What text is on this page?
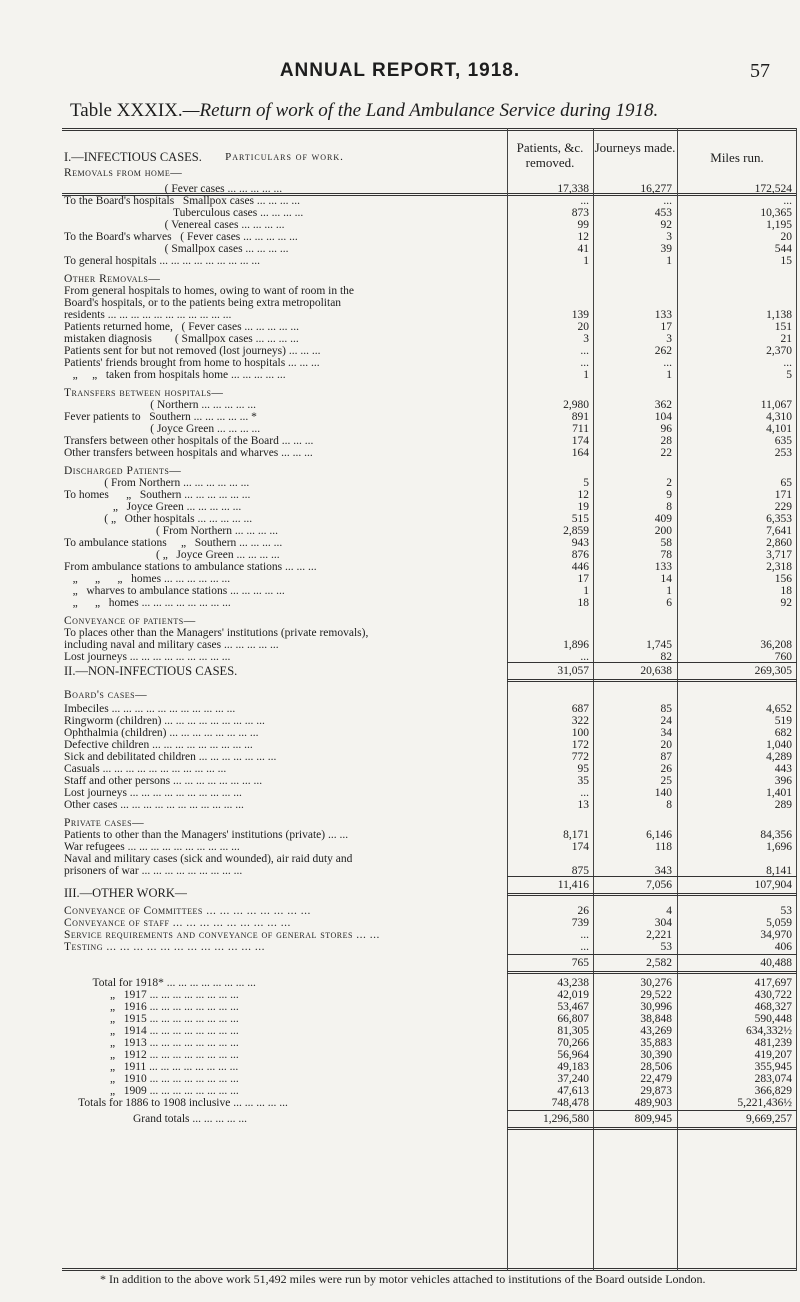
ANNUAL REPORT, 1918.	57
Table XXXIX.—Return of work of the Land Ambulance Service during 1918.
Particulars of work.
Patients, &c. removed.
Journeys made.
Miles run.
I.—INFECTIOUS CASES.
Removals from home—
( Fever cases ... ... ... ... ...	17,338	16,277	172,524
To the Board's hospitals   Smallpox cases ... ... ... ...	...	...	...
Tuberculous cases ... ... ... ...	873	453	10,365
( Venereal cases ... ... ... ...	99	92	1,195
To the Board's wharves   ( Fever cases ... ... ... ... ...	12	3	20
( Smallpox cases ... ... ... ...	41	39	544
To general hospitals ... ... ... ... ... ... ... ... ...	1	1	15
Other Removals—
From general hospitals to homes, owing to want of room in the
Board's hospitals, or to the patients being extra metropolitan
residents ... ... ... ... ... ... ... ... ... ... ...	139	133	1,138
Patients returned home,   ( Fever cases ... ... ... ... ...	20	17	151
mistaken diagnosis        ( Smallpox cases ... ... ... ...	3	3	21
Patients sent for but not removed (lost journeys) ... ... ...	...	262	2,370
Patients' friends brought from home to hospitals ... ... ...	...	...	...
„     „   taken from hospitals home ... ... ... ... ...	1	1	5
Transfers between hospitals—
( Northern ... ... ... ... ...	2,980	362	11,067
Fever patients to   Southern ... ... ... ... ... *	891	104	4,310
( Joyce Green ... ... ... ...	711	96	4,101
Transfers between other hospitals of the Board ... ... ...	174	28	635
Other transfers between hospitals and wharves ... ... ...	164	22	253
Discharged Patients—
( From Northern ... ... ... ... ... ...	5	2	65
To homes      „   Southern ... ... ... ... ... ...	12	9	171
„   Joyce Green ... ... ... ... ...	19	8	229
( „   Other hospitals ... ... ... ... ...	515	409	6,353
( From Northern ... ... ... ...	2,859	200	7,641
To ambulance stations     „   Southern ... ... ... ...	943	58	2,860
( „   Joyce Green ... ... ... ...	876	78	3,717
From ambulance stations to ambulance stations ... ... ...	446	133	2,318
„      „      „   homes ... ... ... ... ... ...	17	14	156
„   wharves to ambulance stations ... ... ... ... ...	1	1	18
„      „   homes ... ... ... ... ... ... ... ...	18	6	92
Conveyance of patients—
To places other than the Managers' institutions (private removals),
including naval and military cases ... ... ... ... ...	1,896	1,745	36,208
Lost journeys ... ... ... ... ... ... ... ... ...	...	82	760
31,057	20,638	269,305
II.—NON-INFECTIOUS CASES.
Board's cases—
Imbeciles ... ... ... ... ... ... ... ... ... ... ...	687	85	4,652
Ringworm (children) ... ... ... ... ... ... ... ... ...	322	24	519
Ophthalmia (children) ... ... ... ... ... ... ... ...	100	34	682
Defective children ... ... ... ... ... ... ... ... ...	172	20	1,040
Sick and debilitated children ... ... ... ... ... ... ...	772	87	4,289
Casuals ... ... ... ... ... ... ... ... ... ... ...	95	26	443
Staff and other persons ... ... ... ... ... ... ... ...	35	25	396
Lost journeys ... ... ... ... ... ... ... ... ... ...	...	140	1,401
Other cases ... ... ... ... ... ... ... ... ... ... ...	13	8	289
Private cases—
Patients to other than the Managers' institutions (private) ... ...	8,171	6,146	84,356
War refugees ... ... ... ... ... ... ... ... ... ...	174	118	1,696
Naval and military cases (sick and wounded), air raid duty and
prisoners of war ... ... ... ... ... ... ... ... ...	875	343	8,141
11,416	7,056	107,904
III.—OTHER WORK—
Conveyance of Committees ... ... ... ... ... ... ... ...	26	4	53
Conveyance of staff ... ... ... ... ... ... ... ... ...	739	304	5,059
Service requirements and conveyance of general stores ... ...	...	2,221	34,970
Testing ... ... ... ... ... ... ... ... ... ... ... ...	...	53	406
765	2,582	40,488
Total for 1918* ... ... ... ... ... ... ... ...	43,238	30,276	417,697
„   1917 ... ... ... ... ... ... ... ...	42,019	29,522	430,722
„   1916 ... ... ... ... ... ... ... ...	53,467	30,996	468,327
„   1915 ... ... ... ... ... ... ... ...	66,807	38,848	590,448
„   1914 ... ... ... ... ... ... ... ...	81,305	43,269	634,332½
„   1913 ... ... ... ... ... ... ... ...	70,266	35,883	481,239
„   1912 ... ... ... ... ... ... ... ...	56,964	30,390	419,207
„   1911 ... ... ... ... ... ... ... ...	49,183	28,506	355,945
„   1910 ... ... ... ... ... ... ... ...	37,240	22,479	283,074
„   1909 ... ... ... ... ... ... ... ...	47,613	29,873	366,829
Totals for 1886 to 1908 inclusive ... ... ... ... ...	748,478	489,903	5,221,436½
Grand totals ... ... ... ... ...	1,296,580	809,945	9,669,257
* In addition to the above work 51,492 miles were run by motor vehicles attached to institutions of the Board outside London.
